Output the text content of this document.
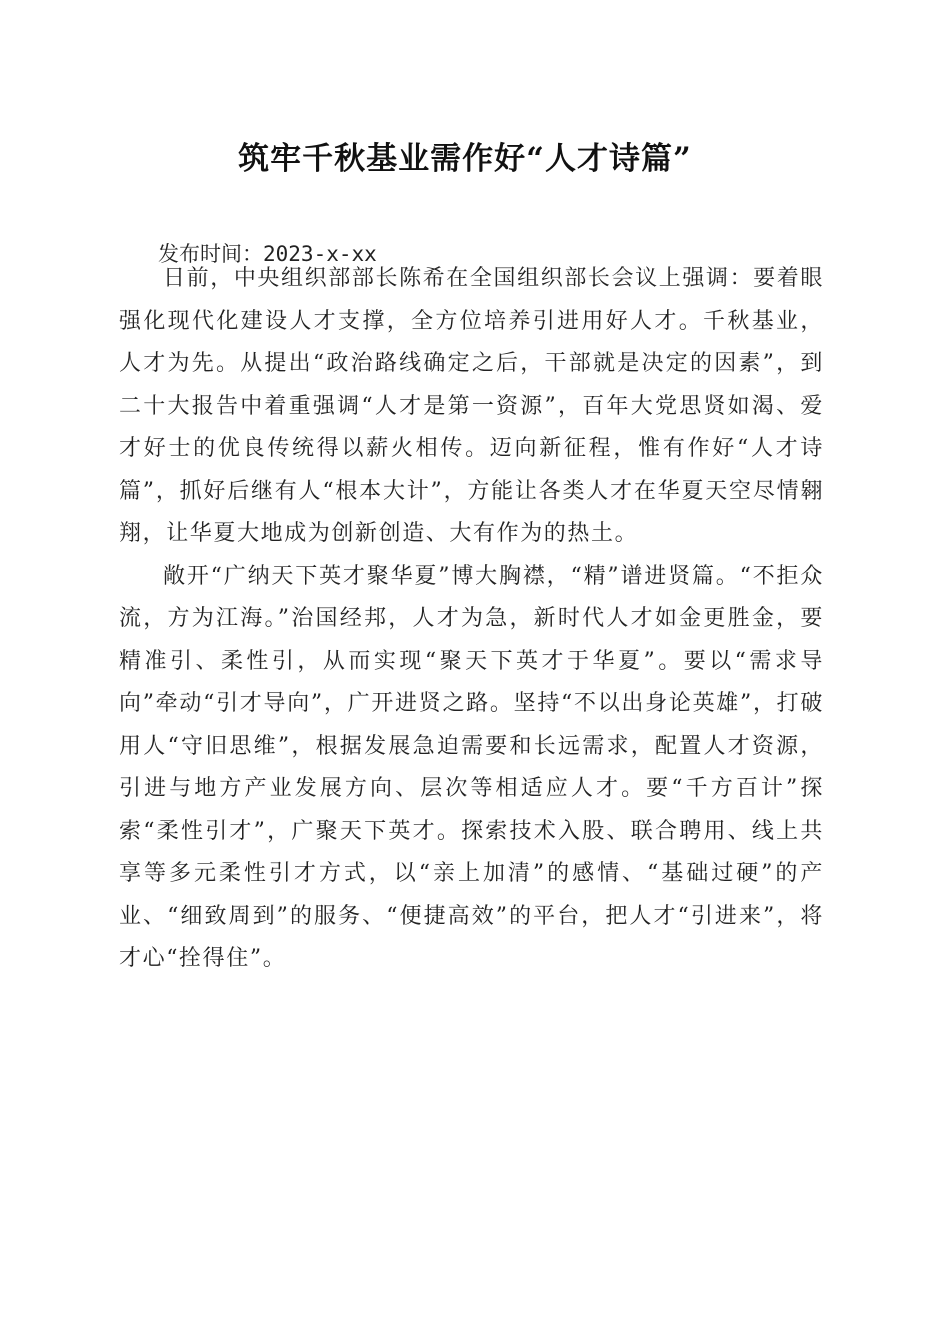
筑牢千秋基业需作好“人才诗篇”
发布时间：2023-x-xx

日前，中央组织部部长陈希在全国组织部长会议上强调：要着眼强化现代化建设人才支撑，全方位培养引进用好人才。千秋基业，人才为先。从提出“政治路线确定之后，干部就是决定的因素”，到二十大报告中着重强调“人才是第一资源”，百年大党思贤如渴、爱才好士的优良传统得以薪火相传。迈向新征程，惟有作好“人才诗篇”，抓好后继有人“根本大计”，方能让各类人才在华夏天空尽情翱翔，让华夏大地成为创新创造、大有作为的热土。

敞开“广纳天下英才聚华夏”博大胸襟，“精”谱进贤篇。“不拒众流，方为江海。”治国经邦，人才为急，新时代人才如金更胜金，要精准引、柔性引，从而实现“聚天下英才于华夏”。要以“需求导向”牵动“引才导向”，广开进贤之路。坚持“不以出身论英雄”，打破用人“守旧思维”，根据发展急迫需要和长远需求，配置人才资源，引进与地方产业发展方向、层次等相适应人才。要“千方百计”探索“柔性引才”，广聚天下英才。探索技术入股、联合聘用、线上共享等多元柔性引才方式，以“亲上加清”的感情、“基础过硬”的产业、“细致周到”的服务、“便捷高效”的平台，把人才“引进来”，将才心“拴得住”。
